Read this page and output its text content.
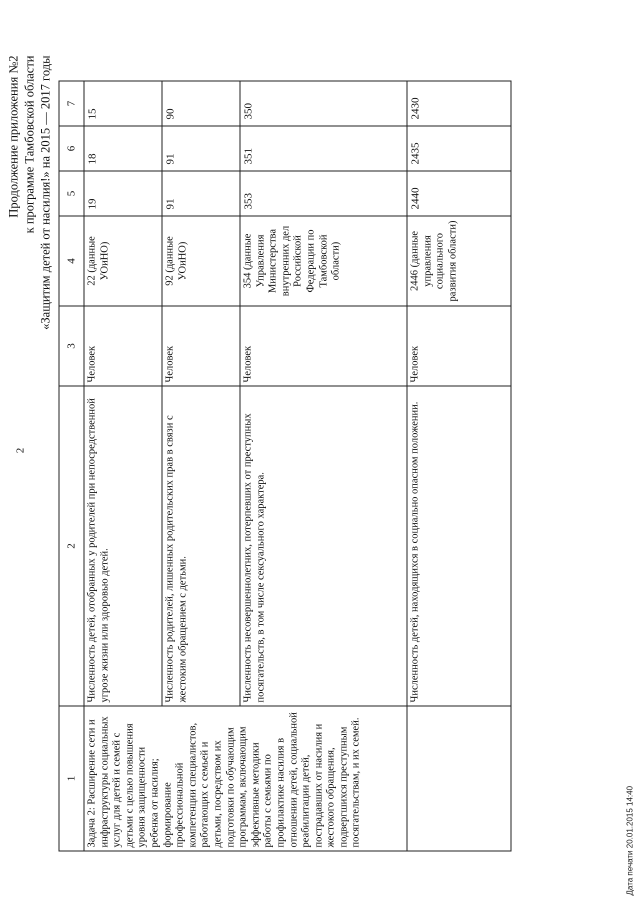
2
Продолжение приложения №2 к программе Тамбовской области «Защитим детей от насилия!» на 2015 — 2017 годы
1	2	3	4	5	6	7
Задача 2: Расширение сети и инфраструктуры социальных услуг для детей и семей с детьми с целью повышения уровня защищенности ребенка от насилия; формирование профессиональной компетенции специалистов, работающих с семьей и детьми, посредством их подготовки по обучающим программам, включающим эффективные методики работы с семьями по профилактике насилия в отношении детей, социальной реабилитации детей, пострадавших от насилия и жестокого обращения, подвергшихся преступным посягательствам, и их семей.	Численность детей, отобранных у родителей при непосредственной угрозе жизни или здоровью детей.	Человек	22 (данные УОиНО)	19	18	15
	Численность родителей, лишенных родительских прав в связи с жестоким обращением с детьми.	Человек	92 (данные УОиНО)	91	91	90
	Численность несовершеннолетних, потерпевших от преступных посягательств, в том числе сексуального характера.	Человек	354 (данные Управления Министерства внутренних дел Российской Федерации по Тамбовской области)	353	351	350
	Численность детей, находящихся в социально опасном положении.	Человек	2446 (данные управления социального развития области)	2440	2435	2430
Дата печати 20.01.2015 14:40
